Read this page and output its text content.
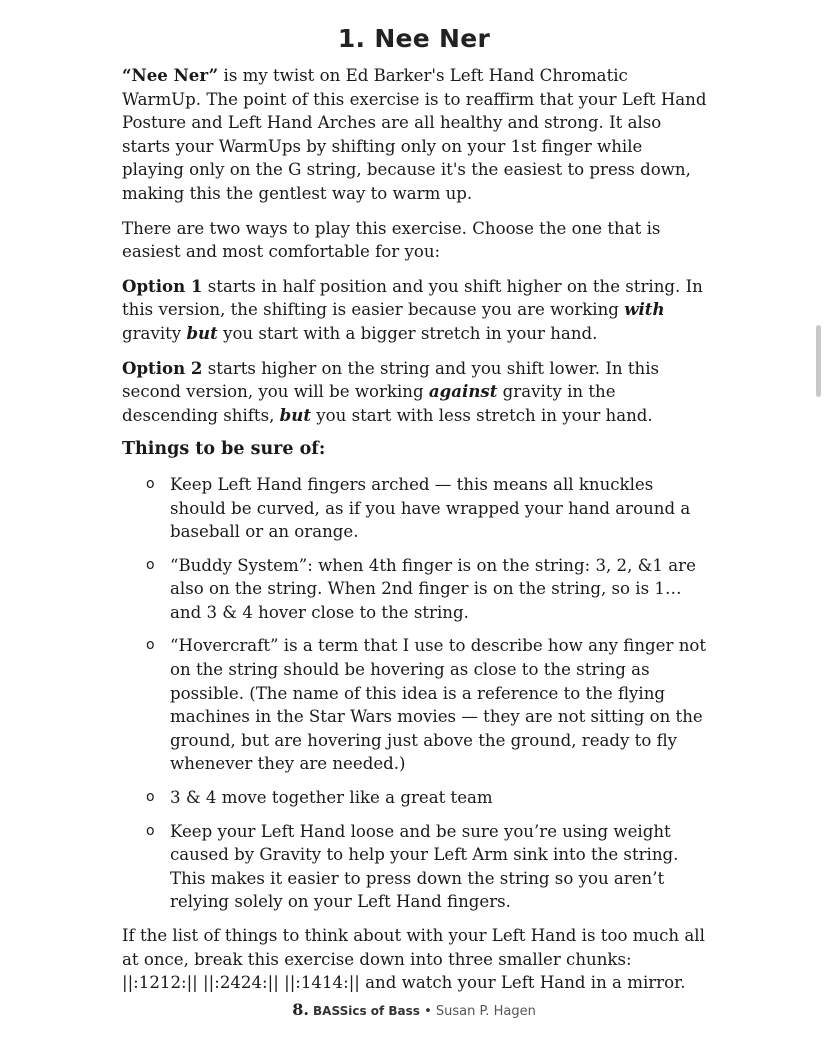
1. Nee Ner

“Nee Ner” is my twist on Ed Barker's Left Hand Chromatic WarmUp. The point of this exercise is to reaffirm that your Left Hand Posture and Left Hand Arches are all healthy and strong. It also starts your WarmUps by shifting only on your 1st finger while playing only on the G string, because it's the easiest to press down, making this the gentlest way to warm up.

There are two ways to play this exercise. Choose the one that is easiest and most comfortable for you:

Option 1 starts in half position and you shift higher on the string. In this version, the shifting is easier because you are working with gravity but you start with a bigger stretch in your hand.

Option 2 starts higher on the string and you shift lower. In this second version, you will be working against gravity in the descending shifts, but you start with less stretch in your hand.

Things to be sure of:

o Keep Left Hand fingers arched — this means all knuckles should be curved, as if you have wrapped your hand around a baseball or an orange.
o “Buddy System”: when 4th finger is on the string: 3, 2, &1 are also on the string. When 2nd finger is on the string, so is 1… and 3 & 4 hover close to the string.
o “Hovercraft” is a term that I use to describe how any finger not on the string should be hovering as close to the string as possible. (The name of this idea is a reference to the flying machines in the Star Wars movies — they are not sitting on the ground, but are hovering just above the ground, ready to fly whenever they are needed.)
o 3 & 4 move together like a great team
o Keep your Left Hand loose and be sure you’re using weight caused by Gravity to help your Left Arm sink into the string. This makes it easier to press down the string so you aren’t relying solely on your Left Hand fingers.

If the list of things to think about with your Left Hand is too much all at once, break this exercise down into three smaller chunks: ||:1212:|| ||:2424:|| ||:1414:|| and watch your Left Hand in a mirror.

8. BASSics of Bass • Susan P. Hagen
